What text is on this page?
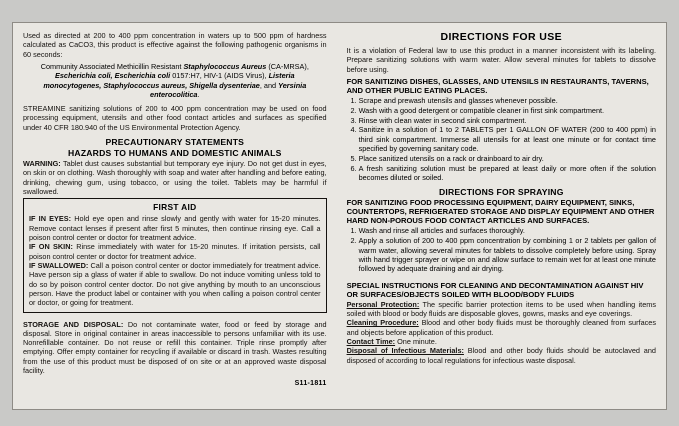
Used as directed at 200 to 400 ppm concentration in waters up to 500 ppm of hardness calculated as CaCO3, this product is effective against the following pathogenic organisms in 60 seconds:

Community Associated Methicillin Resistant Staphylococcus Aureus (CA-MRSA), Escherichia coli, Escherichia coli 0157:H7, HIV-1 (AIDS Virus), Listeria monocytogenes, Staphylococcus aureus, Shigella dysenteriae, and Yersinia enterocolitica.

STREAMINE sanitizing solutions of 200 to 400 ppm concentration may be used on food processing equipment, utensils and other food contact articles and surfaces as specified under 40 CFR 180.940 of the US Environmental Protection Agency.

PRECAUTIONARY STATEMENTS
HAZARDS TO HUMANS AND DOMESTIC ANIMALS

WARNING: Tablet dust causes substantial but temporary eye injury. Do not get dust in eyes, on skin or on clothing. Wash thoroughly with soap and water after handling and before eating, drinking, chewing gum, using tobacco, or using the toilet. Tablets may be harmful if swallowed.

FIRST AID

IF IN EYES: Hold eye open and rinse slowly and gently with water for 15-20 minutes. Remove contact lenses if present after first 5 minutes, then continue rinsing eye. Call a poison control center or doctor for treatment advice.

IF ON SKIN: Rinse immediately with water for 15-20 minutes. If irritation persists, call poison control center or doctor for treatment advice.

IF SWALLOWED: Call a poison control center or doctor immediately for treatment advice. Have person sip a glass of water if able to swallow. Do not induce vomiting unless told to do so by poison control center doctor. Do not give anything by mouth to an unconscious person. Have the product label or container with you when calling a poison control center or doctor, or going for treatment.

STORAGE AND DISPOSAL: Do not contaminate water, food or feed by storage and disposal. Store in original container in areas inaccessible to persons unfamiliar with its use. Nonrefillable container. Do not reuse or refill this container. Triple rinse promptly after emptying. Offer empty container for recycling if available or discard in trash. Wastes resulting from the use of this product must be disposed of on site or at an approved waste disposal facility.

S11-1811
DIRECTIONS FOR USE

It is a violation of Federal law to use this product in a manner inconsistent with its labeling. Prepare sanitizing solutions with warm water. Allow several minutes for tablets to dissolve before using.

FOR SANITIZING DISHES, GLASSES, AND UTENSILS IN RESTAURANTS, TAVERNS, AND OTHER PUBLIC EATING PLACES.
1. Scrape and prewash utensils and glasses whenever possible.
2. Wash with a good detergent or compatible cleaner in first sink compartment.
3. Rinse with clean water in second sink compartment.
4. Sanitize in a solution of 1 to 2 TABLETS per 1 GALLON OF WATER (200 to 400 ppm) in third sink compartment. Immerse all utensils for at least one minute or for contact time specified by governing sanitary code.
5. Place sanitized utensils on a rack or drainboard to air dry.
6. A fresh sanitizing solution must be prepared at least daily or more often if the solution becomes diluted or soiled.
DIRECTIONS FOR SPRAYING
FOR SANITIZING FOOD PROCESSING EQUIPMENT, DAIRY EQUIPMENT, SINKS, COUNTERTOPS, REFRIGERATED STORAGE AND DISPLAY EQUIPMENT AND OTHER HARD NON-POROUS FOOD CONTACT ARTICLES AND SURFACES.
1. Wash and rinse all articles and surfaces thoroughly.
2. Apply a solution of 200 to 400 ppm concentration by combining 1 or 2 tablets per gallon of warm water, allowing several minutes for tablets to dissolve completely before using. Spray with hand trigger sprayer or wipe on and allow surface to remain wet for at least one minute followed by adequate draining and air drying.
SPECIAL INSTRUCTIONS FOR CLEANING AND DECONTAMINATION AGAINST HIV OR SURFACES/OBJECTS SOILED WITH BLOOD/BODY FLUIDS

Personal Protection: The specific barrier protection items to be used when handling items soiled with blood or body fluids are disposable gloves, gowns, masks and eye coverings.

Cleaning Procedure: Blood and other body fluids must be thoroughly cleaned from surfaces and objects before application of this product.

Contact Time: One minute.

Disposal of Infectious Materials: Blood and other body fluids should be autoclaved and disposed of according to local regulations for infectious waste disposal.
